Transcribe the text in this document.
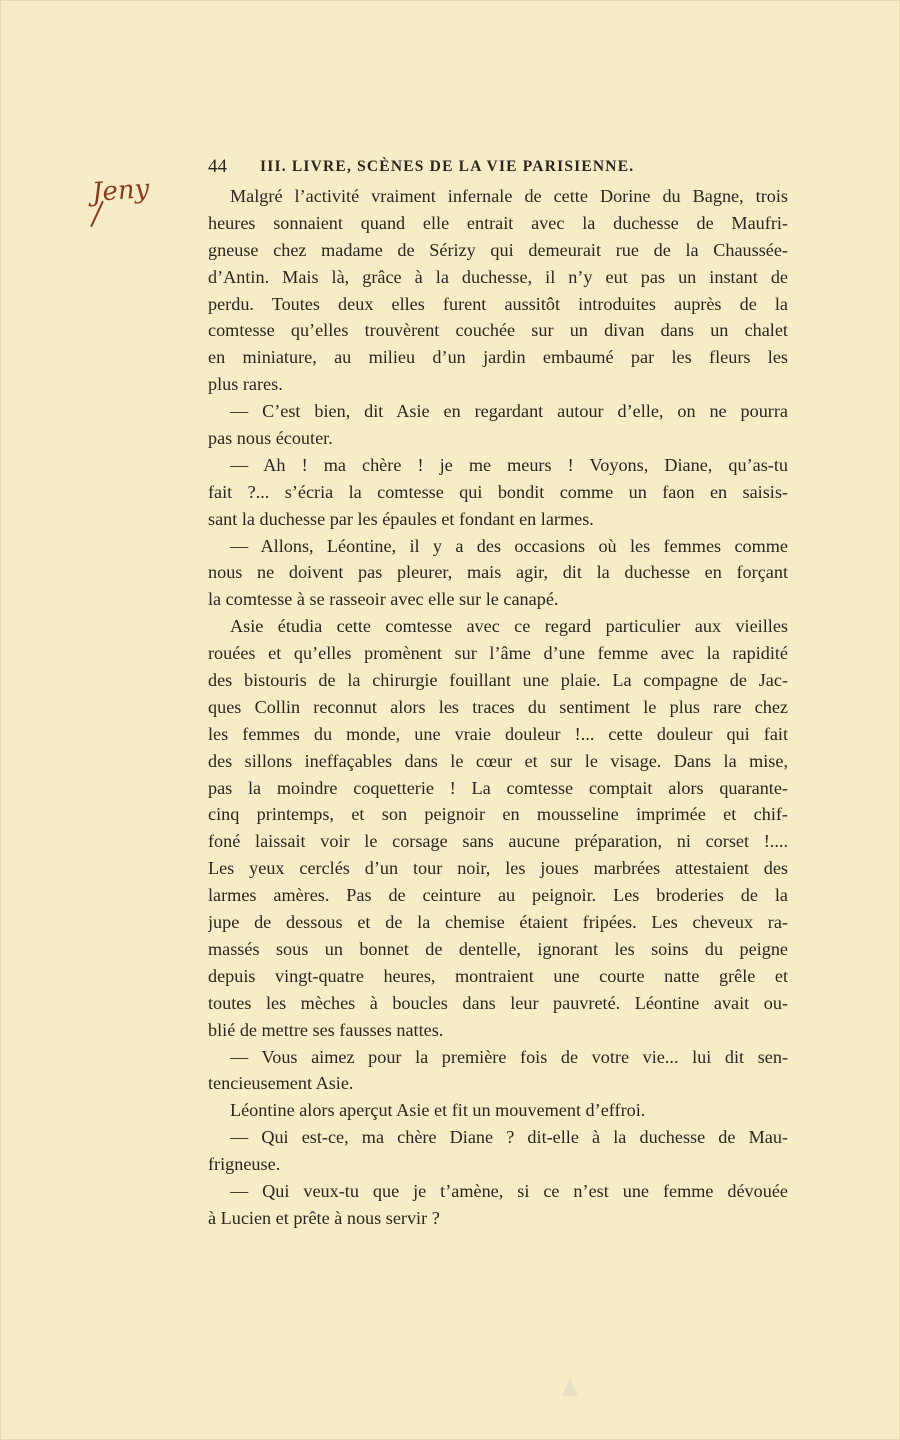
44 III. LIVRE, SCÈNES DE LA VIE PARISIENNE.
Jeny	Malgré l’activité vraiment infernale de cette Dorine du Bagne, trois
heures sonnaient quand elle entrait avec la duchesse de Maufri-
gneuse chez madame de Sérizy qui demeurait rue de la Chaussée-
d’Antin. Mais là, grâce à la duchesse, il n’y eut pas un instant de
perdu. Toutes deux elles furent aussitôt introduites auprès de la
comtesse qu’elles trouvèrent couchée sur un divan dans un chalet
en miniature, au milieu d’un jardin embaumé par les fleurs les
plus rares.
— C’est bien, dit Asie en regardant autour d’elle, on ne pourra
pas nous écouter.
— Ah ! ma chère ! je me meurs ! Voyons, Diane, qu’as-tu
fait ?... s’écria la comtesse qui bondit comme un faon en saisis-
sant la duchesse par les épaules et fondant en larmes.
— Allons, Léontine, il y a des occasions où les femmes comme
nous ne doivent pas pleurer, mais agir, dit la duchesse en forçant
la comtesse à se rasseoir avec elle sur le canapé.
Asie étudia cette comtesse avec ce regard particulier aux vieilles
rouées et qu’elles promènent sur l’âme d’une femme avec la rapidité
des bistouris de la chirurgie fouillant une plaie. La compagne de Jac-
ques Collin reconnut alors les traces du sentiment le plus rare chez
les femmes du monde, une vraie douleur !... cette douleur qui fait
des sillons ineffaçables dans le cœur et sur le visage. Dans la mise,
pas la moindre coquetterie ! La comtesse comptait alors quarante-
cinq printemps, et son peignoir en mousseline imprimée et chif-
foné laissait voir le corsage sans aucune préparation, ni corset !....
Les yeux cerclés d’un tour noir, les joues marbrées attestaient des
larmes amères. Pas de ceinture au peignoir. Les broderies de la
jupe de dessous et de la chemise étaient fripées. Les cheveux ra-
massés sous un bonnet de dentelle, ignorant les soins du peigne
depuis vingt-quatre heures, montraient une courte natte grêle et
toutes les mèches à boucles dans leur pauvreté. Léontine avait ou-
blié de mettre ses fausses nattes.
— Vous aimez pour la première fois de votre vie... lui dit sen-
tencieusement Asie.
Léontine alors aperçut Asie et fit un mouvement d’effroi.
— Qui est-ce, ma chère Diane ? dit-elle à la duchesse de Mau-
frigneuse.
— Qui veux-tu que je t’amène, si ce n’est une femme dévouée
à Lucien et prête à nous servir ?
